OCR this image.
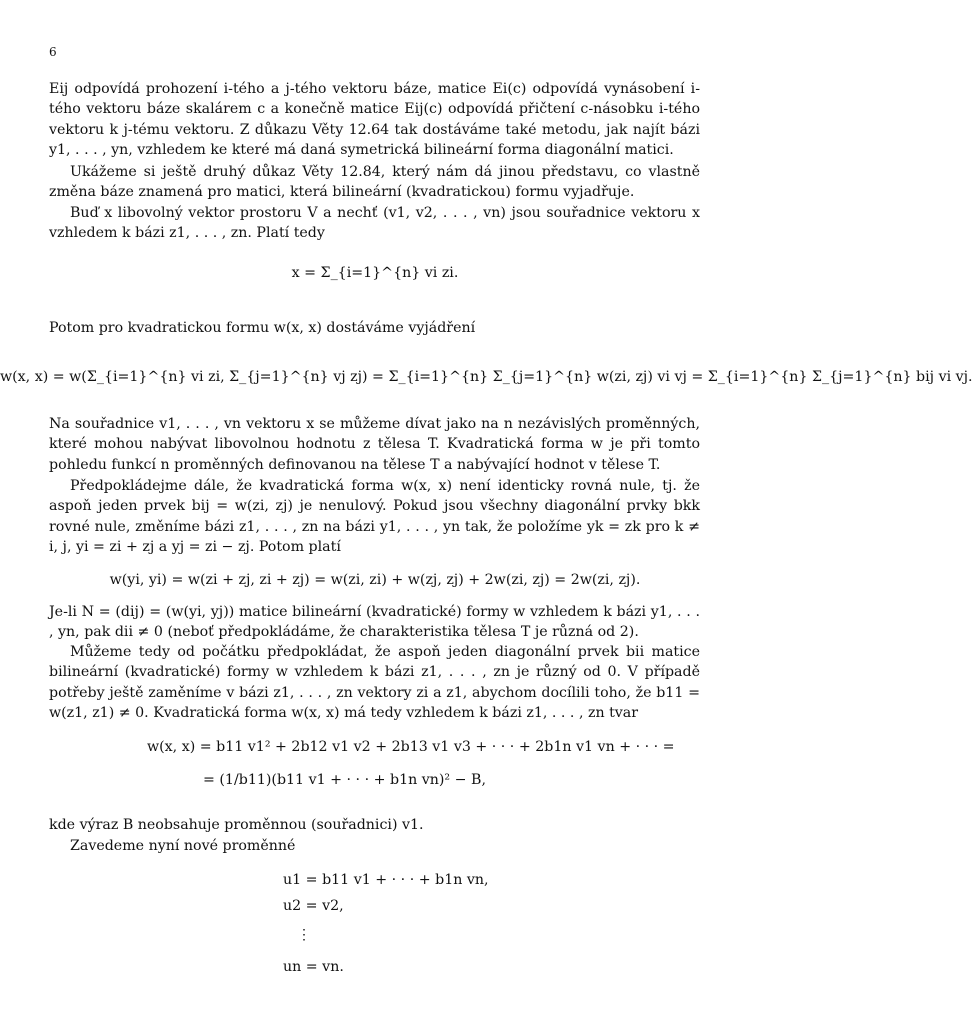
6
Eij odpovídá prohození i-tého a j-tého vektoru báze, matice Ei(c) odpovídá vynásobení i-tého vektoru báze skalárem c a konečně matice Eij(c) odpovídá přičtení c-násobku i-tého vektoru k j-tému vektoru. Z důkazu Věty 12.64 tak dostáváme také metodu, jak najít bázi y1, . . . , yn, vzhledem ke které má daná symetrická bilineární forma diagonální matici.
Ukážeme si ještě druhý důkaz Věty 12.84, který nám dá jinou představu, co vlastně změna báze znamená pro matici, která bilineární (kvadratickou) formu vyjadřuje.
Buď x libovolný vektor prostoru V a nechť (v1, v2, . . . , vn) jsou souřadnice vektoru x vzhledem k bázi z1, . . . , zn. Platí tedy
x = Σ_{i=1}^{n} vi zi.
Potom pro kvadratickou formu w(x, x) dostáváme vyjádření
w(x, x) = w(Σ_{i=1}^{n} vi zi, Σ_{j=1}^{n} vj zj) = Σ_{i=1}^{n} Σ_{j=1}^{n} w(zi, zj) vi vj = Σ_{i=1}^{n} Σ_{j=1}^{n} bij vi vj.
Na souřadnice v1, . . . , vn vektoru x se můžeme dívat jako na n nezávislých proměnných, které mohou nabývat libovolnou hodnotu z tělesa T. Kvadratická forma w je při tomto pohledu funkcí n proměnných definovanou na tělese T a nabývající hodnot v tělese T.
Předpokládejme dále, že kvadratická forma w(x, x) není identicky rovná nule, tj. že aspoň jeden prvek bij = w(zi, zj) je nenulový. Pokud jsou všechny diagonální prvky bkk rovné nule, změníme bázi z1, . . . , zn na bázi y1, . . . , yn tak, že položíme yk = zk pro k ≠ i, j, yi = zi + zj a yj = zi − zj. Potom platí
w(yi, yi) = w(zi + zj, zi + zj) = w(zi, zi) + w(zj, zj) + 2w(zi, zj) = 2w(zi, zj).
Je-li N = (dij) = (w(yi, yj)) matice bilineární (kvadratické) formy w vzhledem k bázi y1, . . . , yn, pak dii ≠ 0 (neboť předpokládáme, že charakteristika tělesa T je různá od 2).
Můžeme tedy od počátku předpokládat, že aspoň jeden diagonální prvek bii matice bilineární (kvadratické) formy w vzhledem k bázi z1, . . . , zn je různý od 0. V případě potřeby ještě zaměníme v bázi z1, . . . , zn vektory zi a z1, abychom docílili toho, že b11 = w(z1, z1) ≠ 0. Kvadratická forma w(x, x) má tedy vzhledem k bázi z1, . . . , zn tvar
w(x, x) = b11 v1² + 2b12 v1 v2 + 2b13 v1 v3 + · · · + 2b1n v1 vn + · · · =
= (1/b11)(b11 v1 + · · · + b1n vn)² − B,
kde výraz B neobsahuje proměnnou (souřadnici) v1.
Zavedeme nyní nové proměnné
u1 = b11 v1 + · · · + b1n vn,
u2 = v2,
⋮
un = vn.
